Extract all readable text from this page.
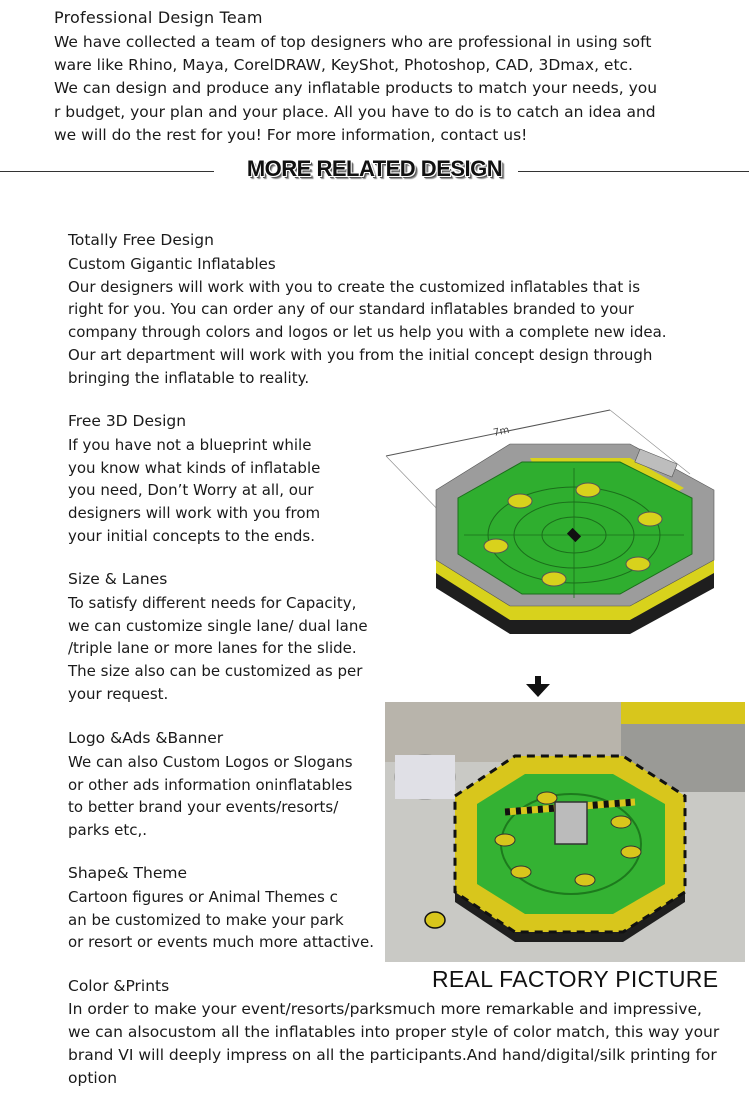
Professional Design Team
We have collected a team of top designers who are professional in using soft
ware like Rhino, Maya, CorelDRAW, KeyShot, Photoshop, CAD, 3Dmax, etc.
We can design and produce any inflatable products to match your needs, you
r budget, your plan and your place. All you have to do is to catch an idea and
we will do the rest for you! For more information, contact us!
MORE RELATED DESIGN
Totally Free Design
Custom Gigantic Inflatables
Our designers will work with you to create the customized inflatables that is
right for you. You can order any of our standard inflatables branded to your
company through colors and logos or let us help you with a complete new idea.
Our art department will work with you from the initial concept design through
bringing the inflatable to reality.
Free 3D Design
If you have not a blueprint while
you know what kinds of inflatable
you need, Don’t Worry at all, our
designers will work with you from
your initial concepts to the ends.
Size & Lanes
To satisfy different needs for Capacity,
we can customize single lane/ dual lane
/triple lane or more lanes for the slide.
The size also can be customized as per
your request.
Logo &Ads &Banner
We can also Custom Logos or Slogans
or other ads information oninflatables
to better brand your events/resorts/
parks etc,.
Shape& Theme
Cartoon figures or Animal Themes c
an be customized to make your park
or resort or events much more attactive.
7m
REAL FACTORY PICTURE
Color &Prints
In order to make your event/resorts/parksmuch more remarkable and impressive,
we can alsocustom all the inflatables into proper style of color match, this way your
brand VI will deeply impress on all the participants.And hand/digital/silk printing for
option
